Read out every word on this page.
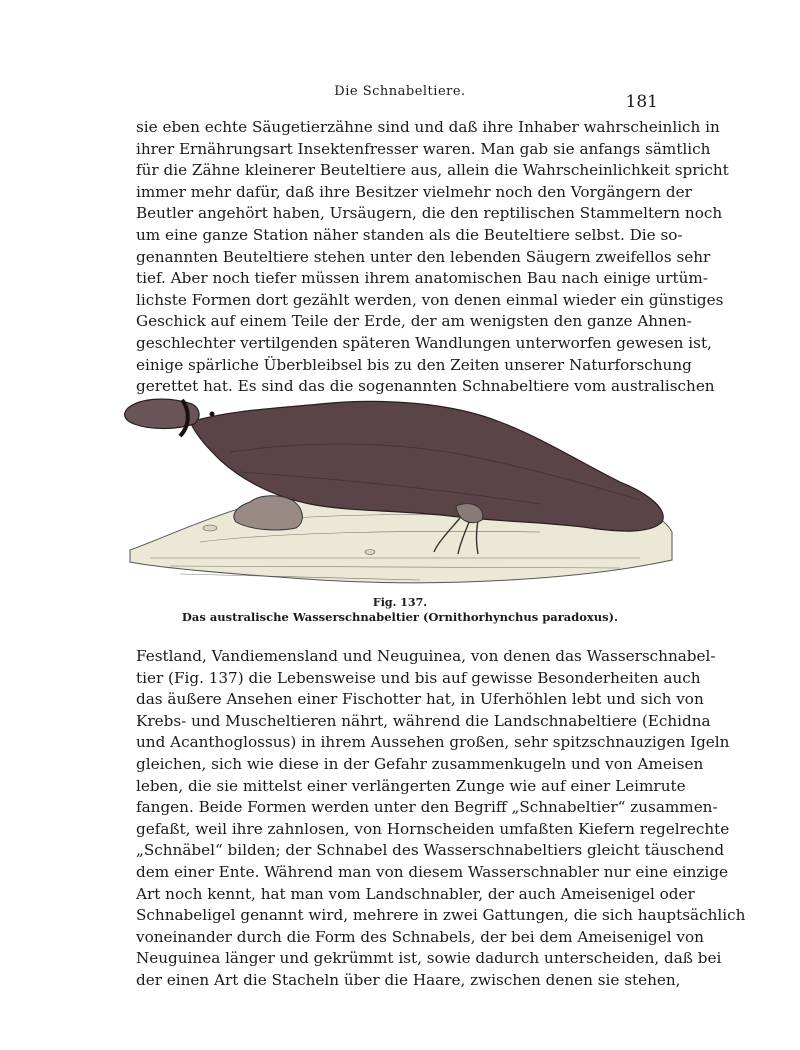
Die Schnabeltiere.
181
sie eben echte Säugetierzähne sind und daß ihre Inhaber wahrscheinlich in
ihrer Ernährungsart Insektenfresser waren. Man gab sie anfangs sämtlich
für die Zähne kleinerer Beuteltiere aus, allein die Wahrscheinlichkeit spricht
immer mehr dafür, daß ihre Besitzer vielmehr noch den Vorgängern der
Beutler angehört haben, Ursäugern, die den reptilischen Stammeltern noch
um eine ganze Station näher standen als die Beuteltiere selbst. Die so-
genannten Beuteltiere stehen unter den lebenden Säugern zweifellos sehr
tief. Aber noch tiefer müssen ihrem anatomischen Bau nach einige urtüm-
lichste Formen dort gezählt werden, von denen einmal wieder ein günstiges
Geschick auf einem Teile der Erde, der am wenigsten den ganze Ahnen-
geschlechter vertilgenden späteren Wandlungen unterworfen gewesen ist,
einige spärliche Überbleibsel bis zu den Zeiten unserer Naturforschung
gerettet hat. Es sind das die sogenannten Schnabeltiere vom australischen
Fig. 137.
Das australische Wasserschnabeltier (Ornithorhynchus paradoxus).
Festland, Vandiemensland und Neuguinea, von denen das Wasserschnabel-
tier (Fig. 137) die Lebensweise und bis auf gewisse Besonderheiten auch
das äußere Ansehen einer Fischotter hat, in Uferhöhlen lebt und sich von
Krebs- und Muscheltieren nährt, während die Landschnabeltiere (Echidna
und Acanthoglossus) in ihrem Aussehen großen, sehr spitzschnauzigen Igeln
gleichen, sich wie diese in der Gefahr zusammenkugeln und von Ameisen
leben, die sie mittelst einer verlängerten Zunge wie auf einer Leimrute
fangen. Beide Formen werden unter den Begriff „Schnabeltier“ zusammen-
gefaßt, weil ihre zahnlosen, von Hornscheiden umfaßten Kiefern regelrechte
„Schnäbel“ bilden; der Schnabel des Wasserschnabeltiers gleicht täuschend
dem einer Ente. Während man von diesem Wasserschnabler nur eine einzige
Art noch kennt, hat man vom Landschnabler, der auch Ameisenigel oder
Schnabeligel genannt wird, mehrere in zwei Gattungen, die sich hauptsächlich
voneinander durch die Form des Schnabels, der bei dem Ameisenigel von
Neuguinea länger und gekrümmt ist, sowie dadurch unterscheiden, daß bei
der einen Art die Stacheln über die Haare, zwischen denen sie stehen,
